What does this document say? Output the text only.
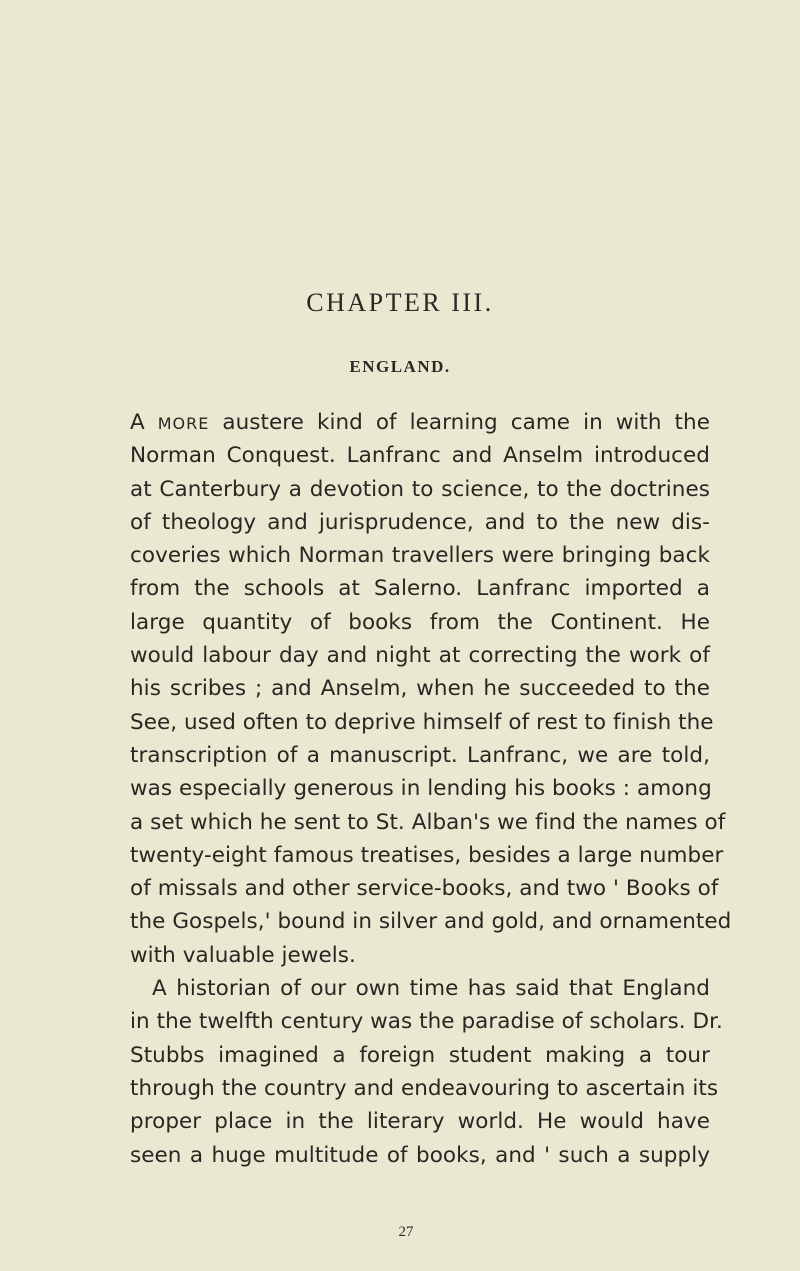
CHAPTER III.
ENGLAND.
A MORE austere kind of learning came in with the
Norman Conquest. Lanfranc and Anselm introduced
at Canterbury a devotion to science, to the doctrines
of theology and jurisprudence, and to the new dis-
coveries which Norman travellers were bringing back
from the schools at Salerno. Lanfranc imported a
large quantity of books from the Continent. He
would labour day and night at correcting the work of
his scribes ; and Anselm, when he succeeded to the
See, used often to deprive himself of rest to finish the
transcription of a manuscript. Lanfranc, we are told,
was especially generous in lending his books : among
a set which he sent to St. Alban's we find the names of
twenty-eight famous treatises, besides a large number
of missals and other service-books, and two ' Books of
the Gospels,' bound in silver and gold, and ornamented
with valuable jewels.
A historian of our own time has said that England
in the twelfth century was the paradise of scholars. Dr.
Stubbs imagined a foreign student making a tour
through the country and endeavouring to ascertain its
proper place in the literary world. He would have
seen a huge multitude of books, and ' such a supply
27
